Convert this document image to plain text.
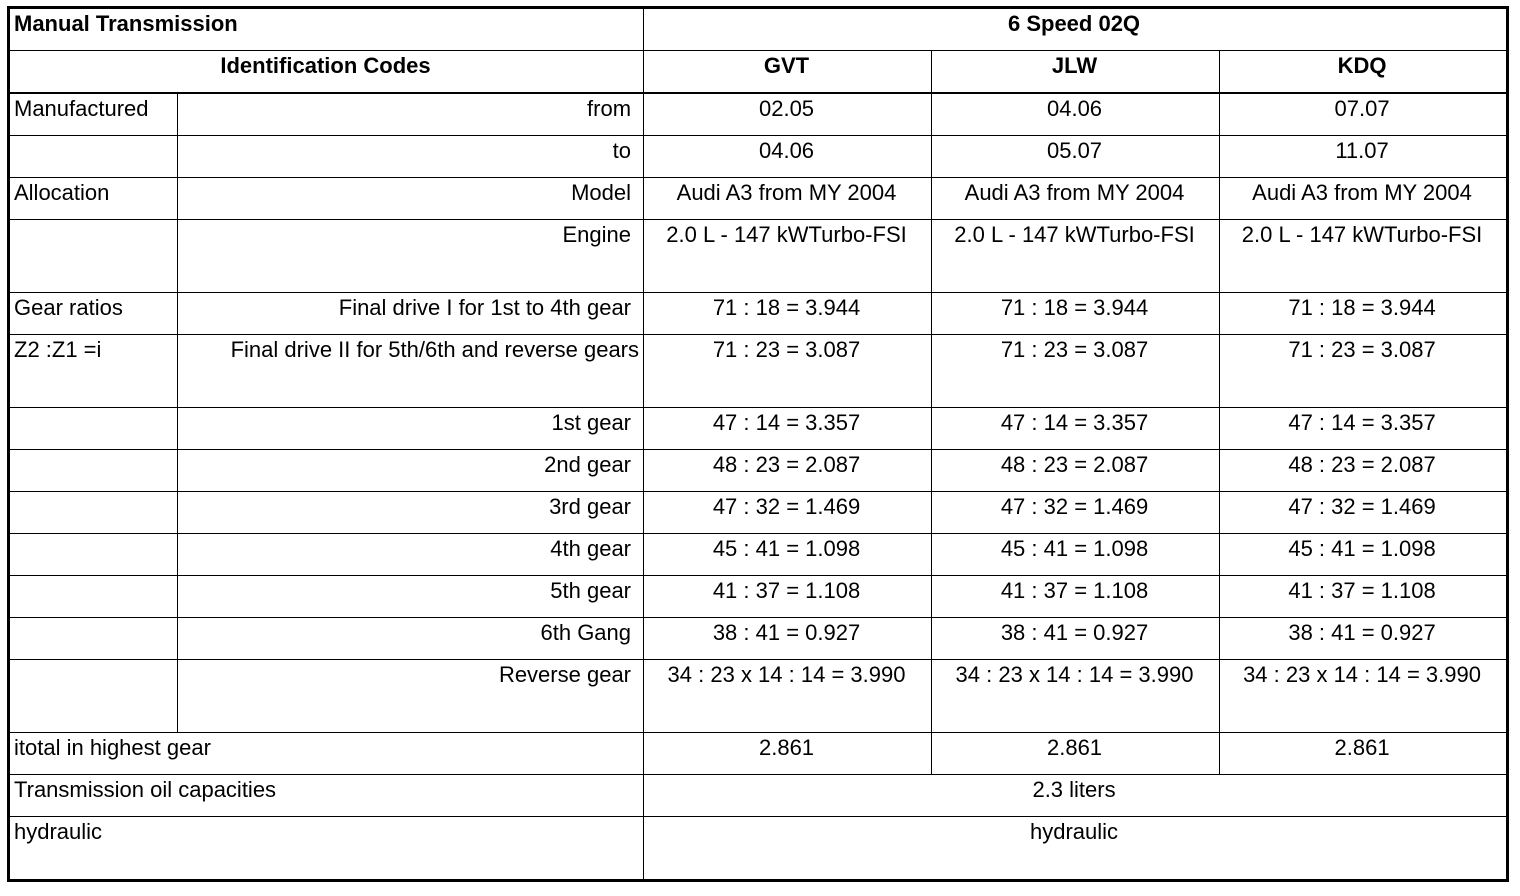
Manual Transmission		6 Speed 02Q		
Identification Codes		GVT	JLW	KDQ
Manufactured	from	02.05	04.06	07.07
	to	04.06	05.07	11.07
Allocation	Model	Audi A3 from MY 2004	Audi A3 from MY 2004	Audi A3 from MY 2004
	Engine	2.0 L - 147 kWTurbo-FSI	2.0 L - 147 kWTurbo-FSI	2.0 L - 147 kWTurbo-FSI
Gear ratios	Final drive I for 1st to 4th gear	71 : 18 = 3.944	71 : 18 = 3.944	71 : 18 = 3.944
Z2 :Z1 =i	Final drive II for 5th/6th and reverse gears	71 : 23 = 3.087	71 : 23 = 3.087	71 : 23 = 3.087
	1st gear	47 : 14 = 3.357	47 : 14 = 3.357	47 : 14 = 3.357
	2nd gear	48 : 23 = 2.087	48 : 23 = 2.087	48 : 23 = 2.087
	3rd gear	47 : 32 = 1.469	47 : 32 = 1.469	47 : 32 = 1.469
	4th gear	45 : 41 = 1.098	45 : 41 = 1.098	45 : 41 = 1.098
	5th gear	41 : 37 = 1.108	41 : 37 = 1.108	41 : 37 = 1.108
	6th Gang	38 : 41 = 0.927	38 : 41 = 0.927	38 : 41 = 0.927
	Reverse gear	34 : 23 x 14 : 14 = 3.990	34 : 23 x 14 : 14 = 3.990	34 : 23 x 14 : 14 = 3.990
itotal in highest gear		2.861	2.861	2.861
Transmission oil capacities		2.3 liters		
hydraulic		hydraulic		
